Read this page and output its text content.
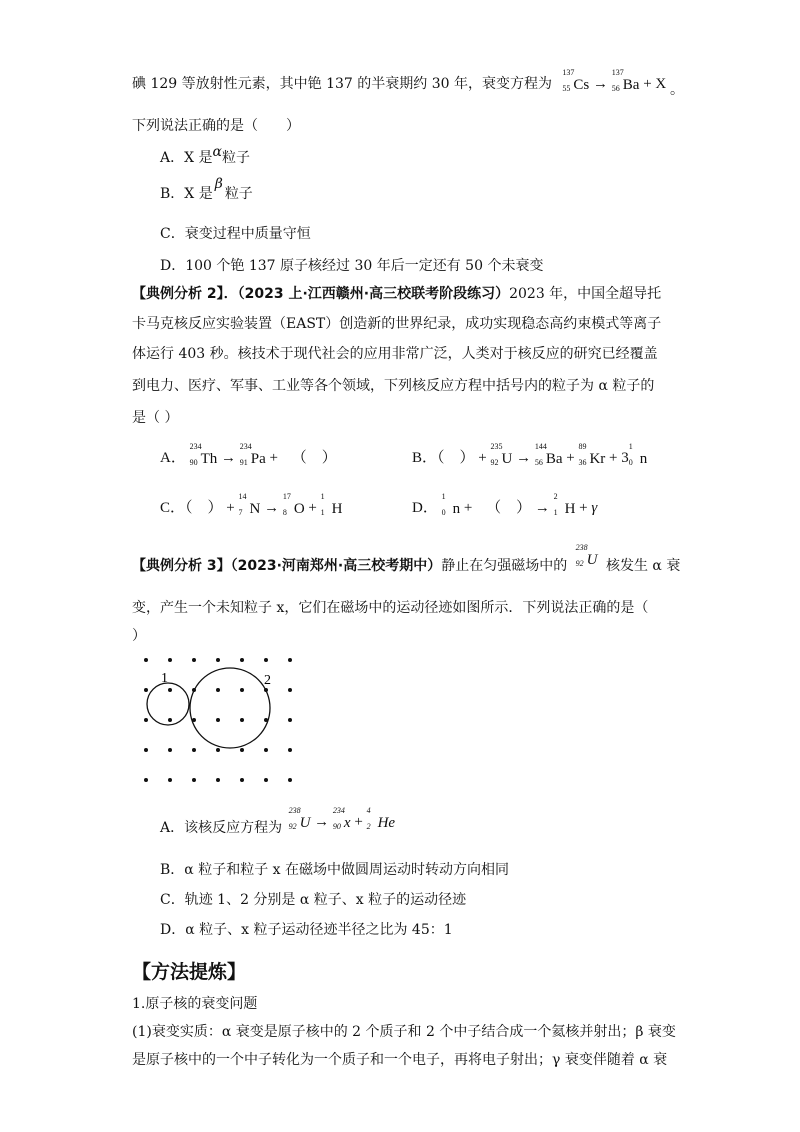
碘 129 等放射性元素，其中铯 137 的半衰期约 30 年，衰变方程为
137
55 Cs →
137
56 Ba + X 。
下列说法正确的是（　　）
A．X 是α粒子
B．X 是β粒子
C．衰变过程中质量守恒
D．100 个铯 137 原子核经过 30 年后一定还有 50 个未衰变
【典例分析 2】．（2023 上·江西赣州·高三校联考阶段练习）2023 年，中国全超导托
卡马克核反应实验装置（EAST）创造新的世界纪录，成功实现稳态高约束模式等离子
体运行 403 秒。核技术于现代社会的应用非常广泛，人类对于核反应的研究已经覆盖
到电力、医疗、军事、工业等各个领域，下列核反应方程中括号内的粒子为 α 粒子的
是（ ）
A．
234
90 Th →
234
91 Pa + （　）	B．（　） +
235
92 U →
144
56 Ba +
89
36 Kr + 3
1
0 n
C．（　） +
14
7 N →
17
8 O +
1
1 H	D．
1
0 n + （　） →
2
1 H + γ
【典例分析 3】（2023·河南郑州·高三校考期中）静止在匀强磁场中的
238
92 U 核发生 α 衰
变，产生一个未知粒子 x，它们在磁场中的运动径迹如图所示．下列说法正确的是（
）
1	2
A．该核反应方程为
238
92 U →
234
90 x +
4
2 He
B．α 粒子和粒子 x 在磁场中做圆周运动时转动方向相同
C．轨迹 1、2 分别是 α 粒子、x 粒子的运动径迹
D．α 粒子、x 粒子运动径迹半径之比为 45：1
【方法提炼】
1.原子核的衰变问题
(1)衰变实质：α 衰变是原子核中的 2 个质子和 2 个中子结合成一个氦核并射出；β 衰变
是原子核中的一个中子转化为一个质子和一个电子，再将电子射出；γ 衰变伴随着 α 衰
